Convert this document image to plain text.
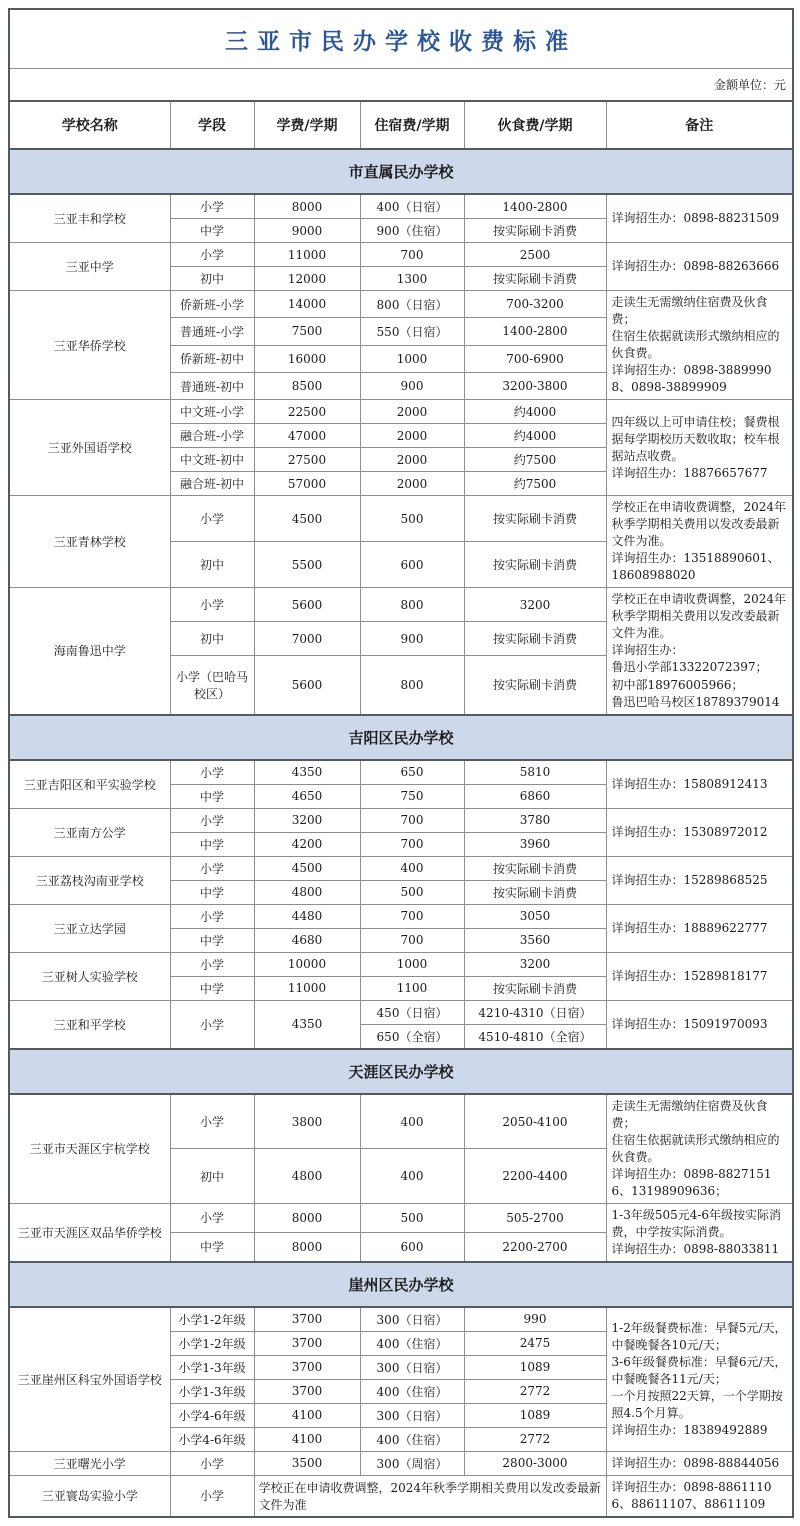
三亚市民办学校收费标准					
金额单位：元					
学校名称	学段	学费/学期	住宿费/学期	伙食费/学期	备注
市直属民办学校					
三亚丰和学校	小学	8000	400（日宿）	1400-2800	详询招生办：0898-88231509

	中学	9000	900（住宿）	按实际刷卡消费	
三亚中学	小学	11000	700	2500	详询招生办：0898-88263666

	初中	12000	1300	按实际刷卡消费	
三亚华侨学校	侨新班-小学	14000	800（日宿）	700-3200	走读生无需缴纳住宿费及伙食费；
住宿生依据就读形式缴纳相应的伙食费。
详询招生办：0898-38899908、0898-38899909

	普通班-小学	7500	550（日宿）	1400-2800	
	侨新班-初中	16000	1000	700-6900	
	普通班-初中	8500	900	3200-3800	
三亚外国语学校	中文班-小学	22500	2000	约4000	四年级以上可申请住校；餐费根据每学期校历天数收取；校车根据站点收费。
详询招生办：18876657677

	融合班-小学	47000	2000	约4000	
	中文班-初中	27500	2000	约7500	
	融合班-初中	57000	2000	约7500	
三亚青林学校	小学	4500	500	按实际刷卡消费	学校正在申请收费调整，2024年秋季学期相关费用以发改委最新文件为准。
详询招生办：13518890601、18608988020

	初中	5500	600	按实际刷卡消费	
海南鲁迅中学	小学	5600	800	3200	学校正在申请收费调整，2024年秋季学期相关费用以发改委最新文件为准。
详询招生办：
鲁迅小学部13322072397；
初中部18976005966；
鲁迅巴哈马校区18789379014

	初中	7000	900	按实际刷卡消费	
	小学（巴哈马校区）	5600	800	按实际刷卡消费	
吉阳区民办学校					
三亚吉阳区和平实验学校	小学	4350	650	5810	详询招生办：15808912413

	中学	4650	750	6860	
三亚南方公学	小学	3200	700	3780	详询招生办：15308972012

	中学	4200	700	3960	
三亚荔枝沟南亚学校	小学	4500	400	按实际刷卡消费	详询招生办：15289868525

	中学	4800	500	按实际刷卡消费	
三亚立达学园	小学	4480	700	3050	详询招生办：18889622777

	中学	4680	700	3560	
三亚树人实验学校	小学	10000	1000	3200	详询招生办：15289818177

	中学	11000	1100	按实际刷卡消费	
三亚和平学校	小学	4350	450（日宿）	4210-4310（日宿）	详询招生办：15091970093

			650（全宿）	4510-4810（全宿）	
天涯区民办学校					
三亚市天涯区宇杭学校	小学	3800	400	2050-4100	走读生无需缴纳住宿费及伙食费；
住宿生依据就读形式缴纳相应的伙食费。
详询招生办：0898-88271516、13198909636；

	初中	4800	400	2200-4400	
三亚市天涯区双品华侨学校	小学	8000	500	505-2700	1-3年级505元4-6年级按实际消费，中学按实际消费。
详询招生办：0898-88033811

	中学	8000	600	2200-2700	
崖州区民办学校					
三亚崖州区科宝外国语学校	小学1-2年级	3700	300（日宿）	990	1-2年级餐费标准：早餐5元/天，中餐晚餐各10元/天；
3-6年级餐费标准：早餐6元/天，中餐晚餐各11元/天；
一个月按照22天算，一个学期按照4.5个月算。
详询招生办：18389492889

	小学1-2年级	3700	400（住宿）	2475	
	小学1-3年级	3700	300（日宿）	1089	
	小学1-3年级	3700	400（住宿）	2772	
	小学4-6年级	4100	300（日宿）	1089	
	小学4-6年级	4100	400（住宿）	2772	
三亚曙光小学	小学	3500	300（周宿）	2800-3000	详询招生办：0898-88844056

三亚寰岛实验小学	小学	学校正在申请收费调整，2024年秋季学期相关费用以发改委最新文件为准			详询招生办：0898-88611106、88611107、88611109
